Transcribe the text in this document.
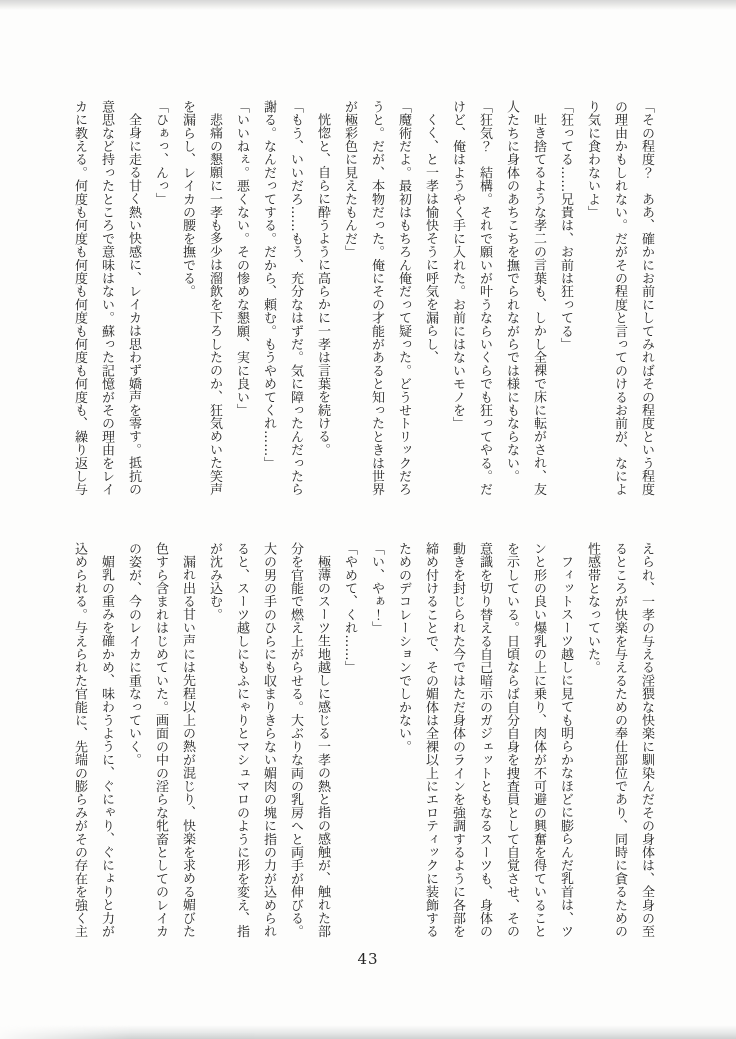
「その程度？　ああ、確かにお前にしてみればその程度という程度の理由かもしれない。だがその程度と言ってのけるお前が、なにより気に食わないよ」

「狂ってる……兄貴は、お前は狂ってる」

吐き捨てるような孝二の言葉も、しかし全裸で床に転がされ、友人たちに身体のあちこちを撫でられながらでは様にもならない。

「狂気？　結構。それで願いが叶うならいくらでも狂ってやる。だけど、俺はようやく手に入れた。お前にはないモノを」

くく、と一孝は愉快そうに呼気を漏らし、

「魔術だよ。最初はもちろん俺だって疑った。どうせトリックだろうと。だが、本物だった。俺にその才能があると知ったときは世界が極彩色に見えたもんだ」

恍惚と、自らに酔うように高らかに一孝は言葉を続ける。

「もう、いいだろ……もう、充分なはずだ。気に障ったんだったら謝る。なんだってする。だから、頼む。もうやめてくれ……」

「いいねぇ。悪くない。その惨めな懇願、実に良い」

悲痛の懇願に一孝も多少は溜飲を下ろしたのか、狂気めいた笑声を漏らし、レイカの腰を撫でる。

「ひぁっ、んっ」

全身に走る甘く熱い快感に、レイカは思わず嬌声を零す。抵抗の意思など持ったところで意味はない。蘇った記憶がその理由をレイカに教える。何度も何度も何度も何度も何度も何度も、繰り返し与

えられ、一孝の与える淫猥な快楽に馴染んだその身体は、全身の至るところが快楽を与えるための奉仕部位であり、同時に貪るための性感帯となっていた。

フィットスーツ越しに見ても明らかなほどに膨らんだ乳首は、ツンと形の良い爆乳の上に乗り、肉体が不可避の興奮を得ていることを示している。日頃ならば自分自身を捜査員として自覚させ、その意識を切り替える自己暗示のガジェットともなるスーツも、身体の動きを封じられた今ではただ身体のラインを強調するように各部を締め付けることで、その媚体は全裸以上にエロティックに装飾するためのデコレーションでしかない。

「い、やぁ！」

「やめて、くれ……」

極薄のスーツ生地越しに感じる一孝の熱と指の感触が、触れた部分を官能で燃え上がらせる。大ぶりな両の乳房へと両手が伸びる。大の男の手のひらにも収まりきらない媚肉の塊に指の力が込められると、スーツ越しにもふにゃりとマシュマロのように形を変え、指が沈み込む。

漏れ出る甘い声には先程以上の熱が混じり、快楽を求める媚びた色すら含まれはじめていた。画面の中の淫らな牝畜としてのレイカの姿が、今のレイカに重なっていく。

媚乳の重みを確かめ、味わうように、ぐにゃり、ぐにょりと力が込められる。与えられた官能に、先端の膨らみがその存在を強く主

43
